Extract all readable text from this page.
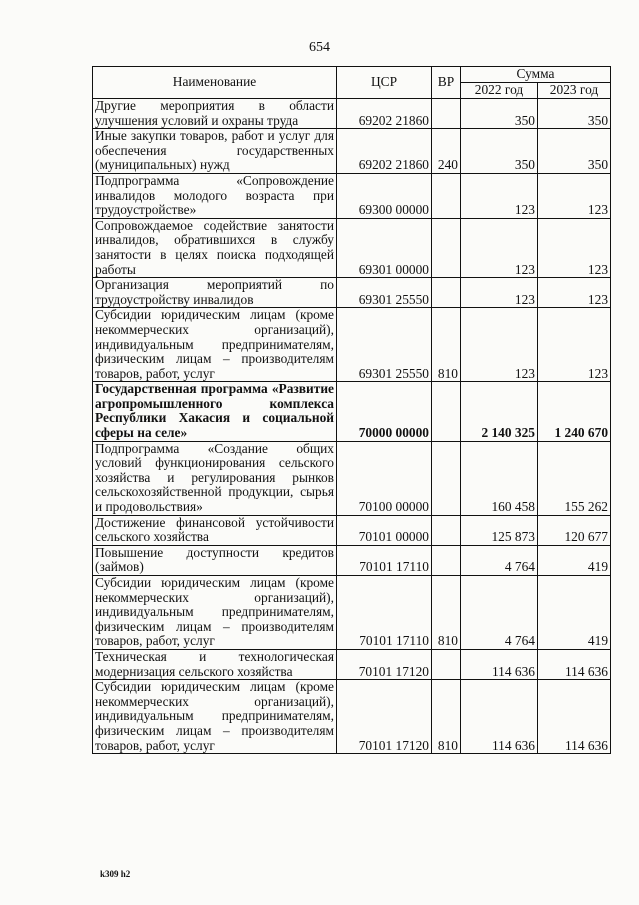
654
Наименование	ЦСР	ВР	Сумма	
			2022 год	2023 год
Другие мероприятия в области улучшения условий и охраны труда	69202 21860		350	350
Иные закупки товаров, работ и услуг для обеспечения государственных (муниципальных) нужд	69202 21860	240	350	350
Подпрограмма «Сопровождение инвалидов молодого возраста при трудоустройстве»	69300 00000		123	123
Сопровождаемое содействие занятости инвалидов, обратившихся в службу занятости в целях поиска подходящей работы	69301 00000		123	123
Организация мероприятий по трудоустройству инвалидов	69301 25550		123	123
Субсидии юридическим лицам (кроме некоммерческих организаций), индивидуальным предпринимателям, физическим лицам – производителям товаров, работ, услуг	69301 25550	810	123	123
Государственная программа «Развитие агропромышленного комплекса Республики Хакасия и социальной сферы на селе»	70000 00000		2 140 325	1 240 670
Подпрограмма «Создание общих условий функционирования сельского хозяйства и регулирования рынков сельскохозяйственной продукции, сырья и продовольствия»	70100 00000		160 458	155 262
Достижение финансовой устойчивости сельского хозяйства	70101 00000		125 873	120 677
Повышение доступности кредитов (займов)	70101 17110		4 764	419
Субсидии юридическим лицам (кроме некоммерческих организаций), индивидуальным предпринимателям, физическим лицам – производителям товаров, работ, услуг	70101 17110	810	4 764	419
Техническая и технологическая модернизация сельского хозяйства	70101 17120		114 636	114 636
Субсидии юридическим лицам (кроме некоммерческих организаций), индивидуальным предпринимателям, физическим лицам – производителям товаров, работ, услуг	70101 17120	810	114 636	114 636
k309 h2
